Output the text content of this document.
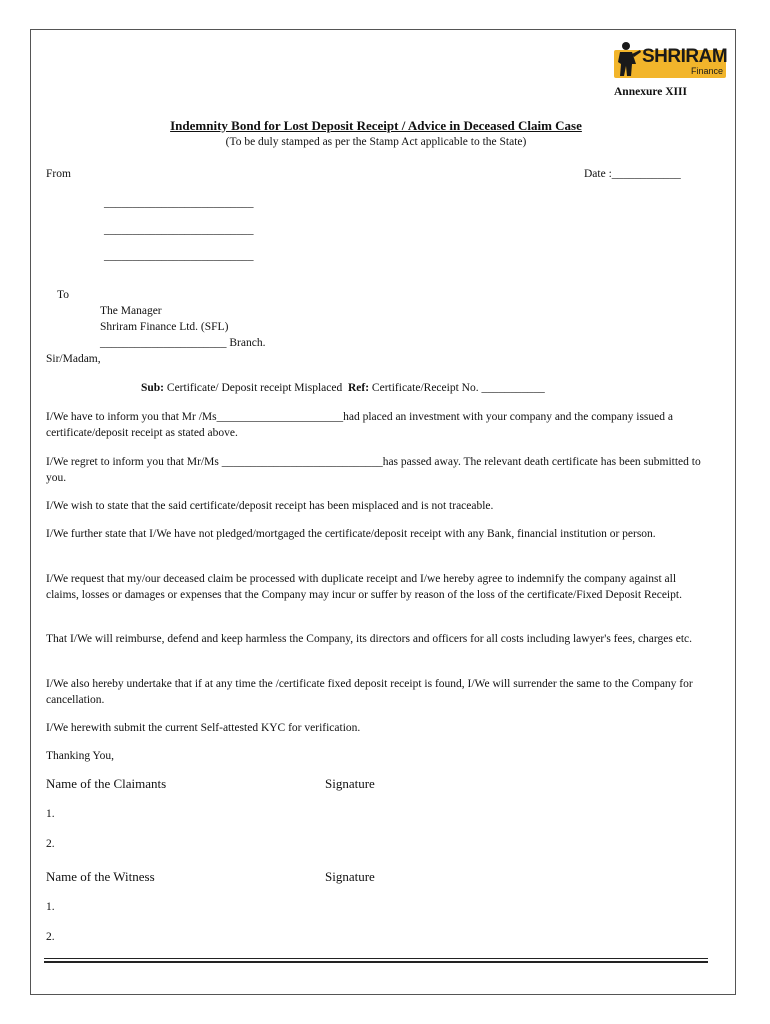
SHRIRAM
Finance
Annexure XIII
Indemnity Bond for Lost Deposit Receipt / Advice in Deceased Claim Case
(To be duly stamped as per the Stamp Act applicable to the State)
From	Date :____________
__________________________
__________________________
__________________________
To
The Manager
Shriram Finance Ltd. (SFL)
______________________ Branch.
Sir/Madam,
Sub: Certificate/ Deposit receipt Misplaced Ref: Certificate/Receipt No. ___________
I/We have to inform you that Mr /Ms______________________had placed an investment with your company and the company issued a certificate/deposit receipt as stated above.
I/We regret to inform you that Mr/Ms ____________________________has passed away. The relevant death certificate has been submitted to you.
I/We wish to state that the said certificate/deposit receipt has been misplaced and is not traceable.
I/We further state that I/We have not pledged/mortgaged the certificate/deposit receipt with any Bank, financial institution or person.
I/We request that my/our deceased claim be processed with duplicate receipt and I/we hereby agree to indemnify the company against all claims, losses or damages or expenses that the Company may incur or suffer by reason of the loss of the certificate/Fixed Deposit Receipt.
That I/We will reimburse, defend and keep harmless the Company, its directors and officers for all costs including lawyer's fees, charges etc.
I/We also hereby undertake that if at any time the /certificate fixed deposit receipt is found, I/We will surrender the same to the Company for cancellation.
I/We herewith submit the current Self-attested KYC for verification.
Thanking You,
Name of the Claimants	Signature
1.
2.
Name of the Witness	Signature
1.
2.
